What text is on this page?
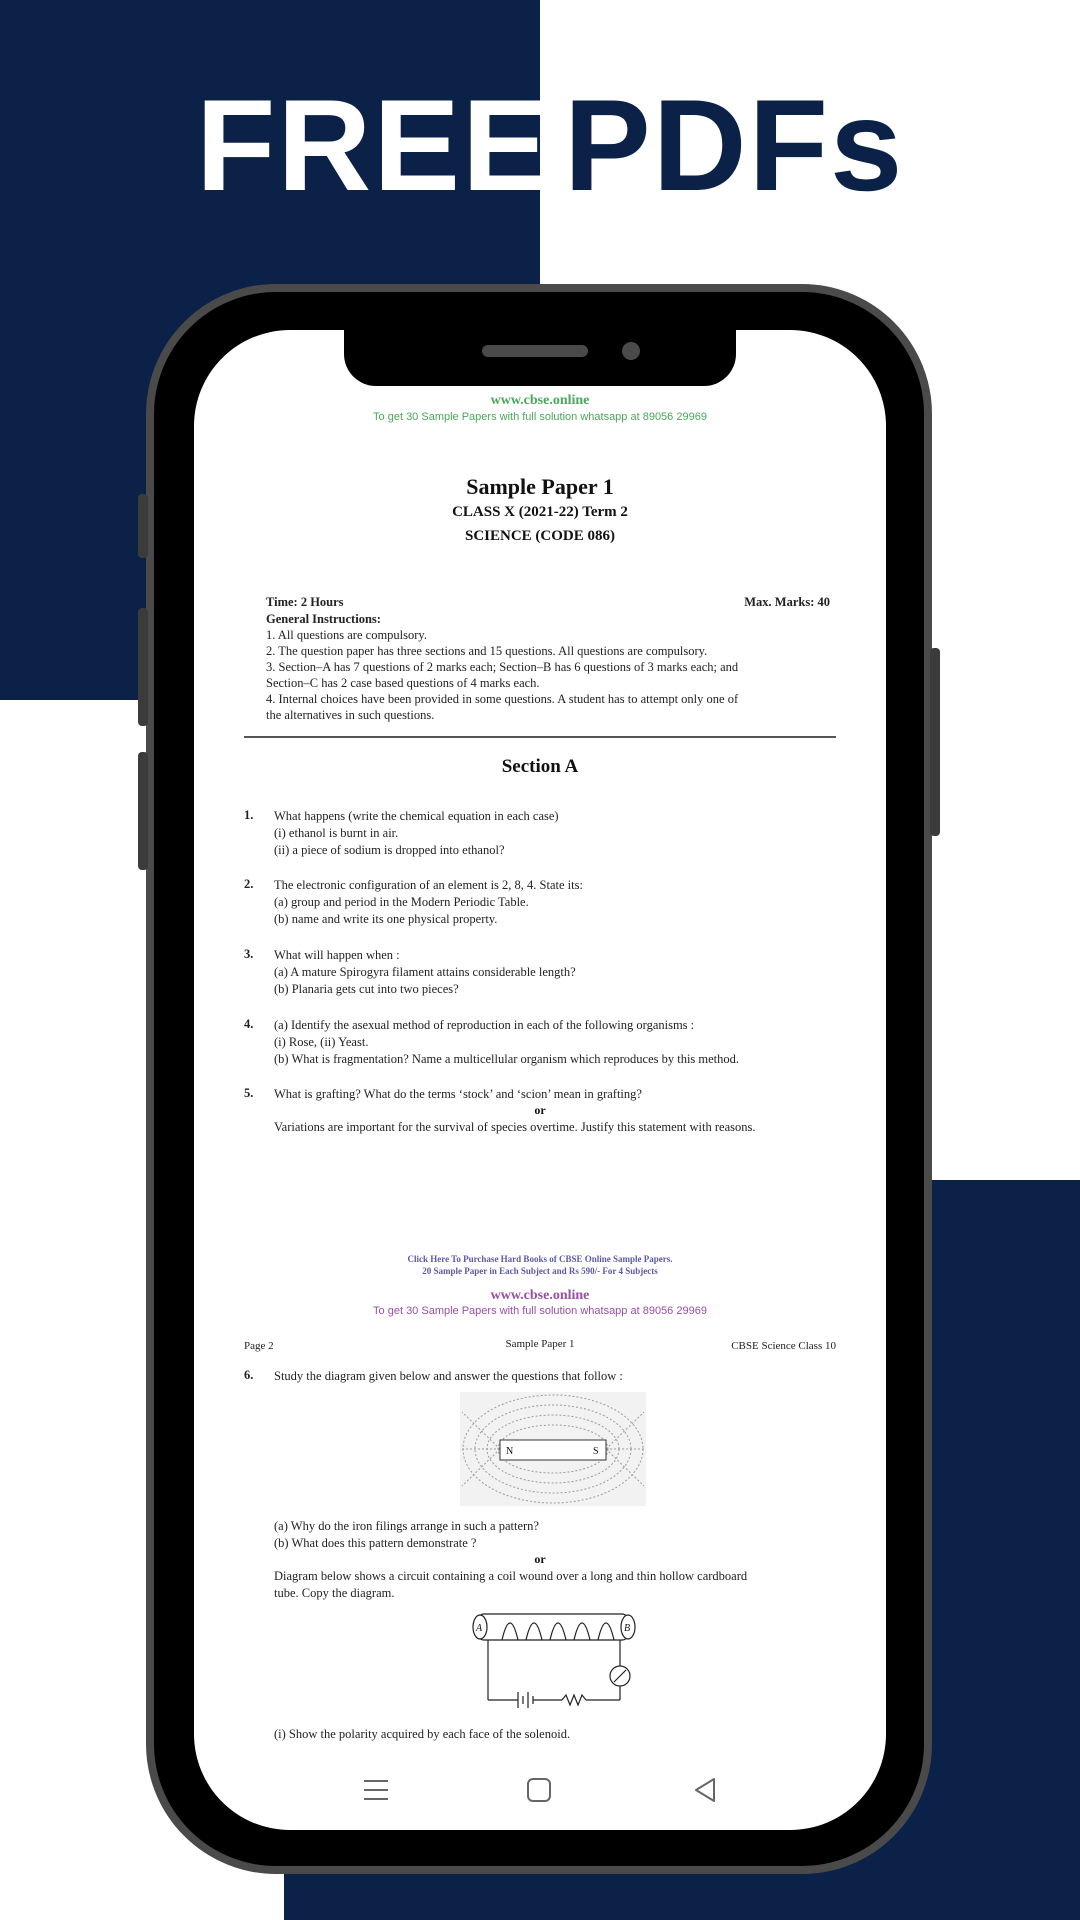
FREE PDFs
www.cbse.online
To get 30 Sample Papers with full solution whatsapp at 89056 29969
Sample Paper 1
CLASS X (2021-22) Term 2
SCIENCE (CODE 086)
Time: 2 Hours	Max. Marks: 40
General Instructions:
1. All questions are compulsory.
2. The question paper has three sections and 15 questions. All questions are compulsory.
3. Section–A has 7 questions of 2 marks each; Section–B has 6 questions of 3 marks each; and
Section–C has 2 case based questions of 4 marks each.
4. Internal choices have been provided in some questions. A student has to attempt only one of
the alternatives in such questions.
Section A
1. What happens (write the chemical equation in each case)
(i) ethanol is burnt in air.
(ii) a piece of sodium is dropped into ethanol?
2. The electronic configuration of an element is 2, 8, 4. State its:
(a) group and period in the Modern Periodic Table.
(b) name and write its one physical property.
3. What will happen when :
(a) A mature Spirogyra filament attains considerable length?
(b) Planaria gets cut into two pieces?
4. (a) Identify the asexual method of reproduction in each of the following organisms :
(i) Rose, (ii) Yeast.
(b) What is fragmentation? Name a multicellular organism which reproduces by this method.
5. What is grafting? What do the terms ‘stock’ and ‘scion’ mean in grafting?
or
Variations are important for the survival of species overtime. Justify this statement with reasons.
Click Here To Purchase Hard Books of CBSE Online Sample Papers.
20 Sample Paper in Each Subject and Rs 590/- For 4 Subjects
www.cbse.online
To get 30 Sample Papers with full solution whatsapp at 89056 29969
Page 2	Sample Paper 1	CBSE Science Class 10
6. Study the diagram given below and answer the questions that follow :
N	S
(a) Why do the iron filings arrange in such a pattern?
(b) What does this pattern demonstrate ?
or
Diagram below shows a circuit containing a coil wound over a long and thin hollow cardboard
tube. Copy the diagram.
A	B
(i) Show the polarity acquired by each face of the solenoid.
